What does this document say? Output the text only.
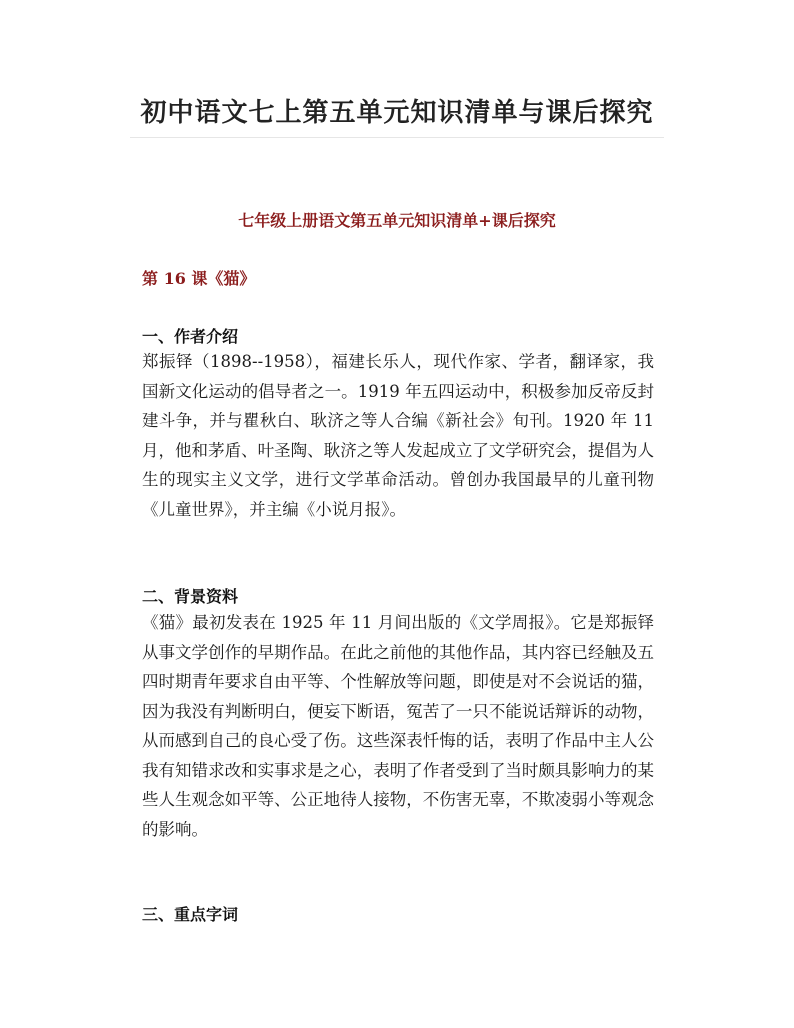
初中语文七上第五单元知识清单与课后探究
七年级上册语文第五单元知识清单+课后探究
第 16 课《猫》
一、作者介绍

郑振铎（1898--1958），福建长乐人，现代作家、学者，翻译家，我国新文化运动的倡导者之一。1919 年五四运动中，积极参加反帝反封建斗争，并与瞿秋白、耿济之等人合编《新社会》旬刊。1920 年 11 月，他和茅盾、叶圣陶、耿济之等人发起成立了文学研究会，提倡为人生的现实主义文学，进行文学革命活动。曾创办我国最早的儿童刊物《儿童世界》，并主编《小说月报》。

二、背景资料

《猫》最初发表在 1925 年 11 月间出版的《文学周报》。它是郑振铎从事文学创作的早期作品。在此之前他的其他作品，其内容已经触及五四时期青年要求自由平等、个性解放等问题，即使是对不会说话的猫，因为我没有判断明白，便妄下断语，冤苦了一只不能说话辩诉的动物，从而感到自己的良心受了伤。这些深表忏悔的话，表明了作品中主人公我有知错求改和实事求是之心，表明了作者受到了当时颇具影响力的某些人生观念如平等、公正地待人接物，不伤害无辜，不欺凌弱小等观念的影响。

三、重点字词
